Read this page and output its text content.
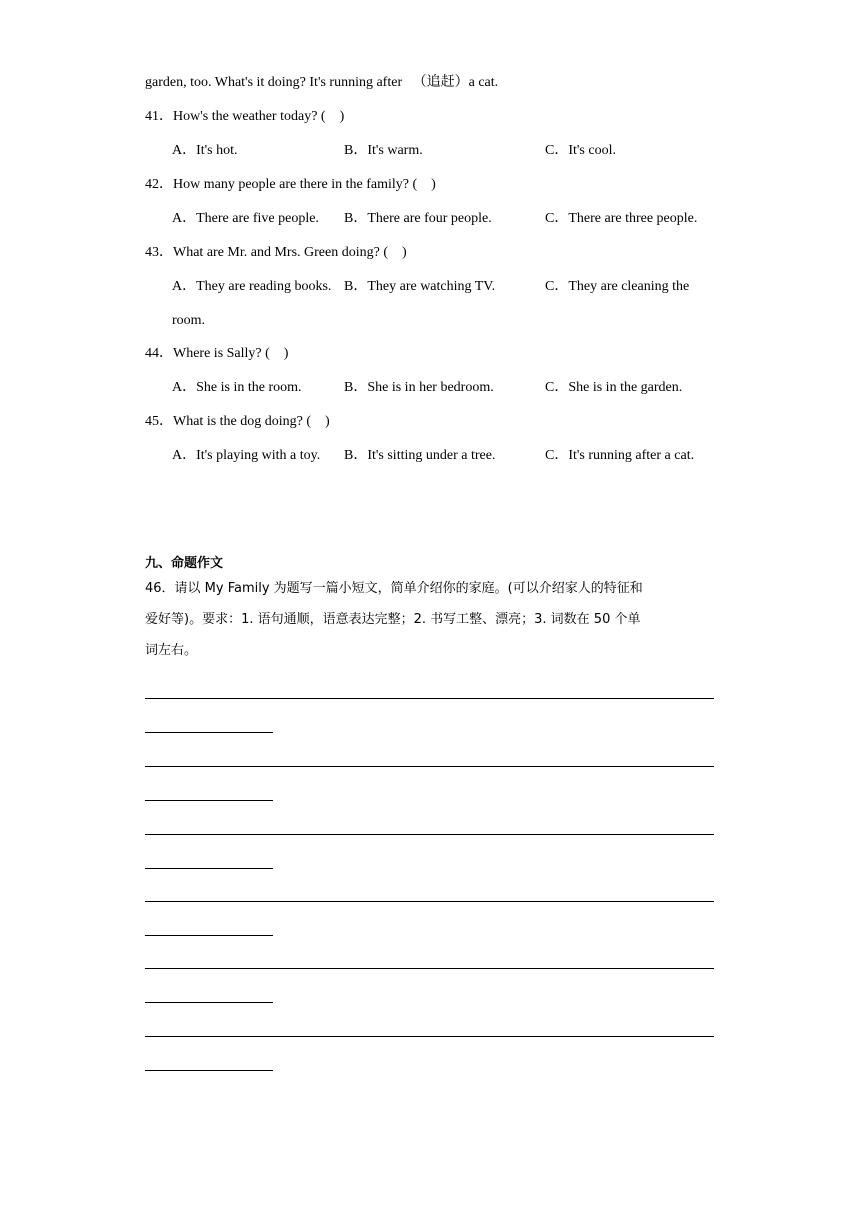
garden, too. What's it doing? It's running after 　（追赶）a cat.
41．How's the weather today? (　)
A．It's hot.	B．It's warm.	C．It's cool.
42．How many people are there in the family? (　)
A．There are five people. B．There are four people.	C．There are three people.
43．What are Mr. and Mrs. Green doing? (　)
A．They are reading books. B．They are watching TV.	C．They are cleaning the
room.
44．Where is Sally? (　)
A．She is in the room.	B．She is in her bedroom.	C．She is in the garden.
45．What is the dog doing? (　)
A．It's playing with a toy. B．It's sitting under a tree.	C．It's running after a cat.
九、命题作文
46．请以 My Family 为题写一篇小短文，简单介绍你的家庭。(可以介绍家人的特征和
爱好等)。要求：1. 语句通顺，语意表达完整；2. 书写工整、漂亮；3. 词数在 50 个单
词左右。
